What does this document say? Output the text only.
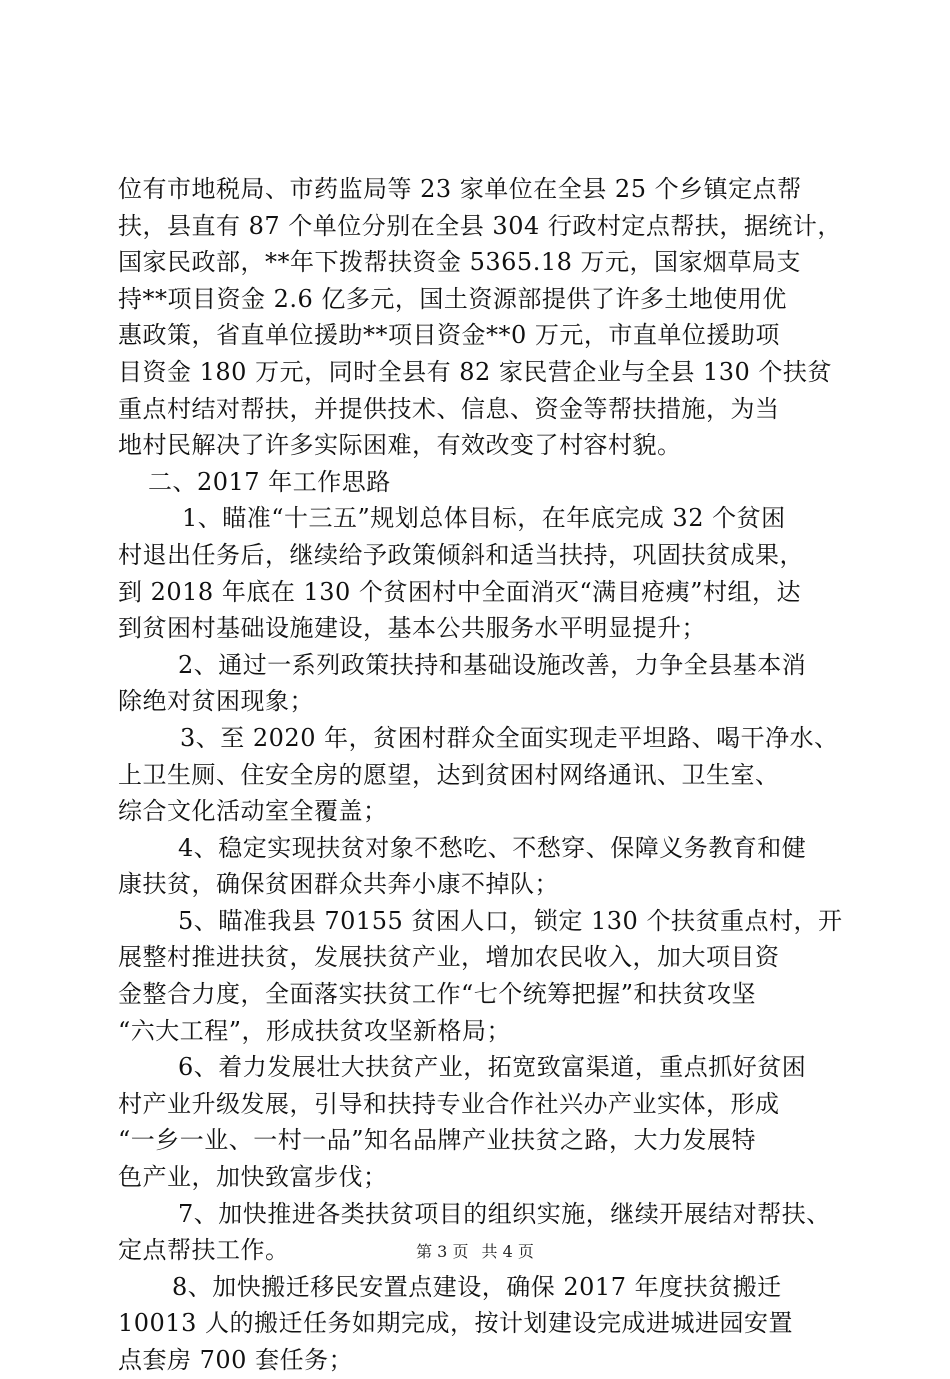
位有市地税局、市药监局等 23 家单位在全县 25 个乡镇定点帮
扶，县直有 87 个单位分别在全县 304 行政村定点帮扶，据统计，
国家民政部，**年下拨帮扶资金 5365.18 万元，国家烟草局支
持**项目资金 2.6 亿多元，国土资源部提供了许多土地使用优
惠政策，省直单位援助**项目资金**0 万元，市直单位援助项
目资金 180 万元，同时全县有 82 家民营企业与全县 130 个扶贫
重点村结对帮扶，并提供技术、信息、资金等帮扶措施，为当
地村民解决了许多实际困难，有效改变了村容村貌。
二、2017 年工作思路
1、瞄准“十三五”规划总体目标，在年底完成 32 个贫困
村退出任务后，继续给予政策倾斜和适当扶持，巩固扶贫成果，
到 2018 年底在 130 个贫困村中全面消灭“满目疮痍”村组，达
到贫困村基础设施建设，基本公共服务水平明显提升；
2、通过一系列政策扶持和基础设施改善，力争全县基本消
除绝对贫困现象；
3、至 2020 年，贫困村群众全面实现走平坦路、喝干净水、
上卫生厕、住安全房的愿望，达到贫困村网络通讯、卫生室、
综合文化活动室全覆盖；
4、稳定实现扶贫对象不愁吃、不愁穿、保障义务教育和健
康扶贫，确保贫困群众共奔小康不掉队；
5、瞄准我县 70155 贫困人口，锁定 130 个扶贫重点村，开
展整村推进扶贫，发展扶贫产业，增加农民收入，加大项目资
金整合力度，全面落实扶贫工作“七个统筹把握”和扶贫攻坚
“六大工程”，形成扶贫攻坚新格局；
6、着力发展壮大扶贫产业，拓宽致富渠道，重点抓好贫困
村产业升级发展，引导和扶持专业合作社兴办产业实体，形成
“一乡一业、一村一品”知名品牌产业扶贫之路，大力发展特
色产业，加快致富步伐；
7、加快推进各类扶贫项目的组织实施，继续开展结对帮扶、
定点帮扶工作。
8、加快搬迁移民安置点建设，确保 2017 年度扶贫搬迁
10013 人的搬迁任务如期完成，按计划建设完成进城进园安置
点套房 700 套任务；
第 3 页 共 4 页
